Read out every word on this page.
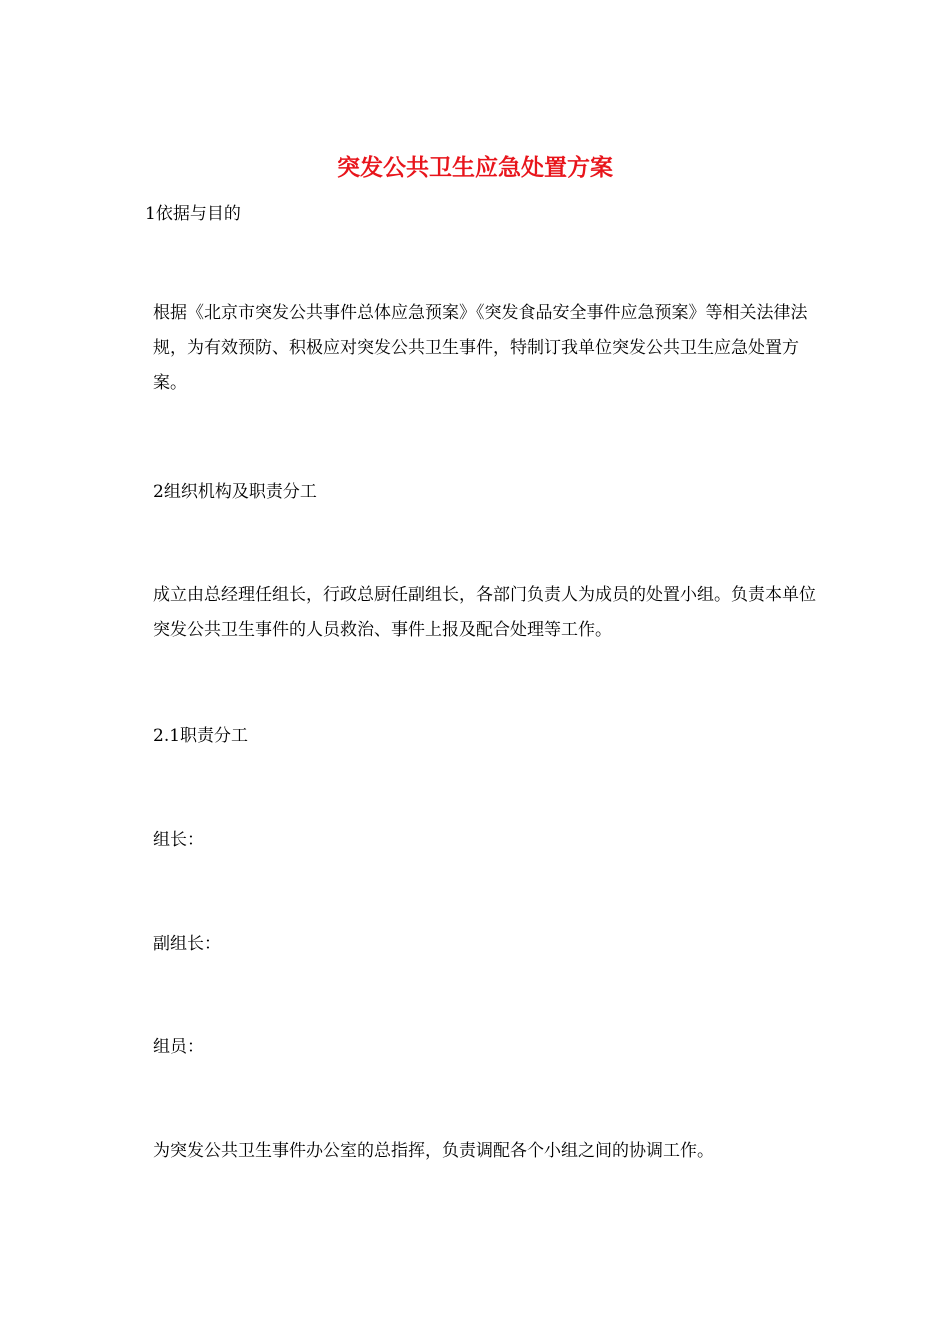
突发公共卫生应急处置方案

1依据与目的

根据《北京市突发公共事件总体应急预案》《突发食品安全事件应急预案》等相关法律法规，为有效预防、积极应对突发公共卫生事件，特制订我单位突发公共卫生应急处置方案。

2组织机构及职责分工

成立由总经理任组长，行政总厨任副组长，各部门负责人为成员的处置小组。负责本单位突发公共卫生事件的人员救治、事件上报及配合处理等工作。

2.1职责分工

组长：

副组长：

组员：

为突发公共卫生事件办公室的总指挥，负责调配各个小组之间的协调工作。
